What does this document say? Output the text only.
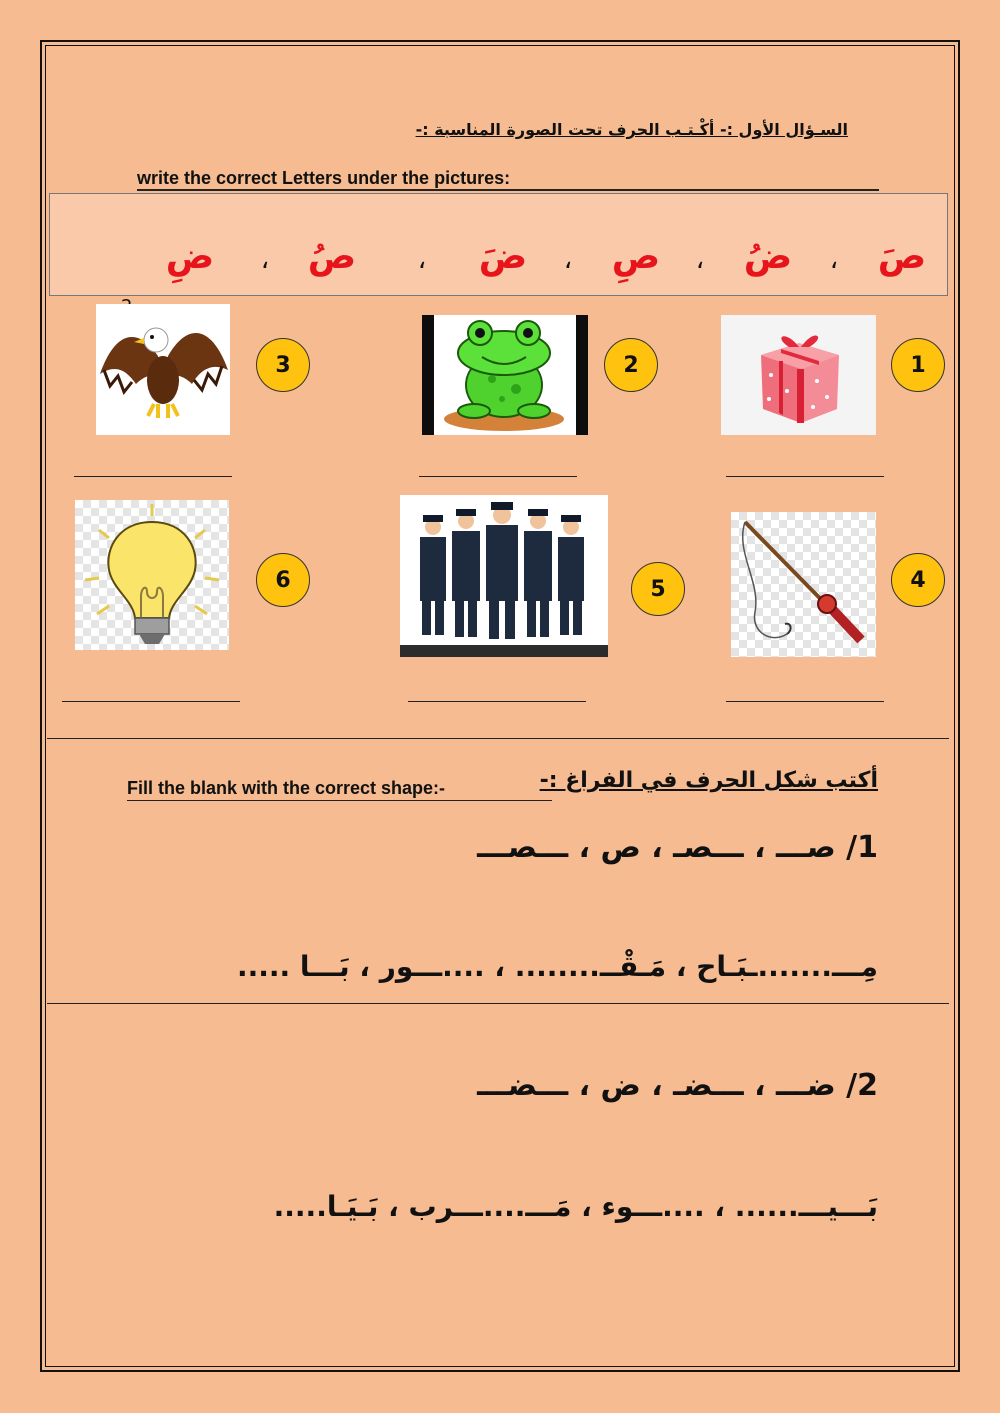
السـؤال الأول :- أكْـتـب الحرف تحت الصورة المناسبة :-
write the correct Letters under the pictures:
صَ
،
ضُ
،
صِ
،
ضَ
،
صُ
،
ضِ
1
2
3
4
5
6
أكتب شكل الحرف في الفراغ :-
Fill the blank with the correct shape:-
1/ صـــ ، ـــصـ ، ص ، ـــصـــ
مِـــ.......ـبَـاح ، مَـقْــ........ ، ....ـــور ، بَـــا .....
2/ ضـــ ، ـــضـ ، ض ، ـــضـــ
بَـــيـــ...... ، ....ـــوء ، مَـــ....ـــرب ، بَـيَـا.....
